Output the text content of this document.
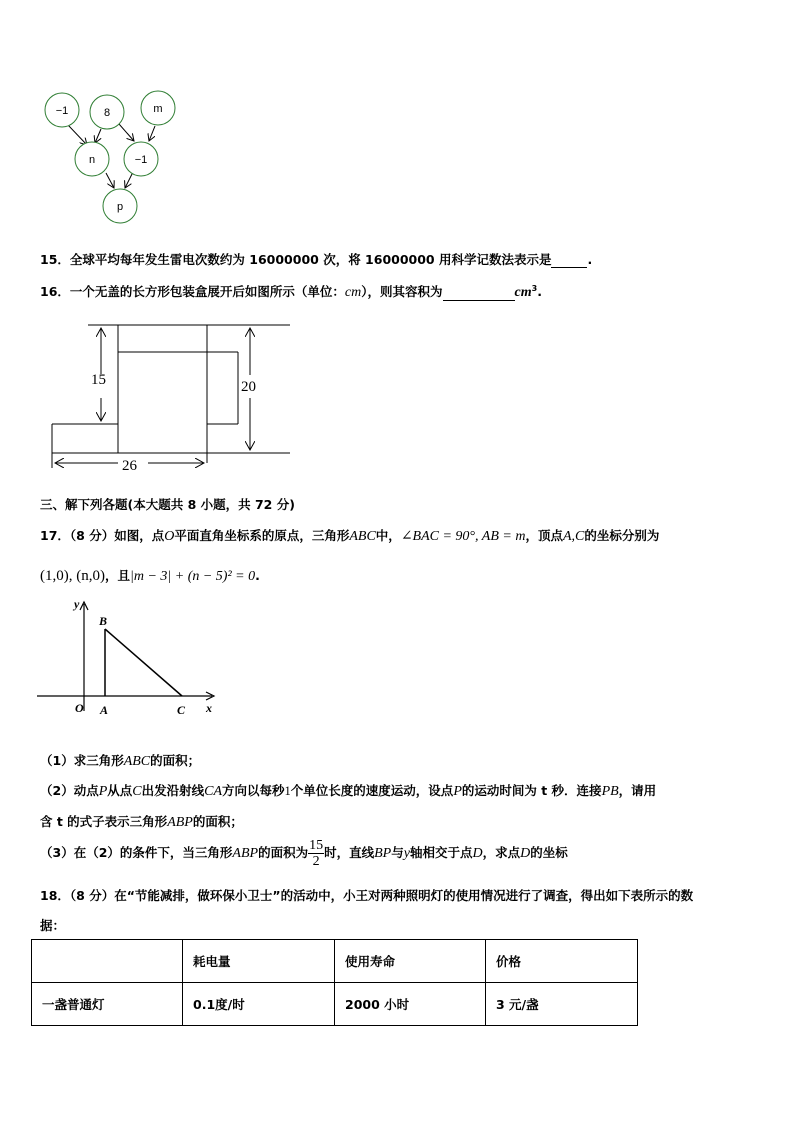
−1	8	m
n	−1
p
15．全球平均每年发生雷电次数约为 16000000 次，将 16000000 用科学记数法表示是	.
16．一个无盖的长方形包装盒展开后如图所示（单位：cm），则其容积为	$cm^3$.
15	20
26
三、解下列各题(本大题共 8 小题，共 72 分)
17．（8 分）如图，点O平面直角坐标系的原点，三角形ABC中，∠BAC = 90°, AB = m，顶点A,C的坐标分别为
(1,0), (n,0)，且|m − 3| + (n − 5)² = 0.
y
x
B
O A	C
（1）求三角形ABC的面积；
（2）动点P从点C出发沿射线CA方向以每秒1个单位长度的速度运动，设点P的运动时间为 t 秒．连接PB，请用
含 t 的式子表示三角形ABP的面积；
（3）在（2）的条件下，当三角形ABP的面积为 $\frac{15}{2}$ 时，直线BP与y轴相交于点D，求点D的坐标
18．（8 分）在“节能减排，做环保小卫士”的活动中，小王对两种照明灯的使用情况进行了调查，得出如下表所示的数
据：
	耗电量	使用寿命	价格
一盏普通灯	0.1度/时	2000 小时	3 元/盏
